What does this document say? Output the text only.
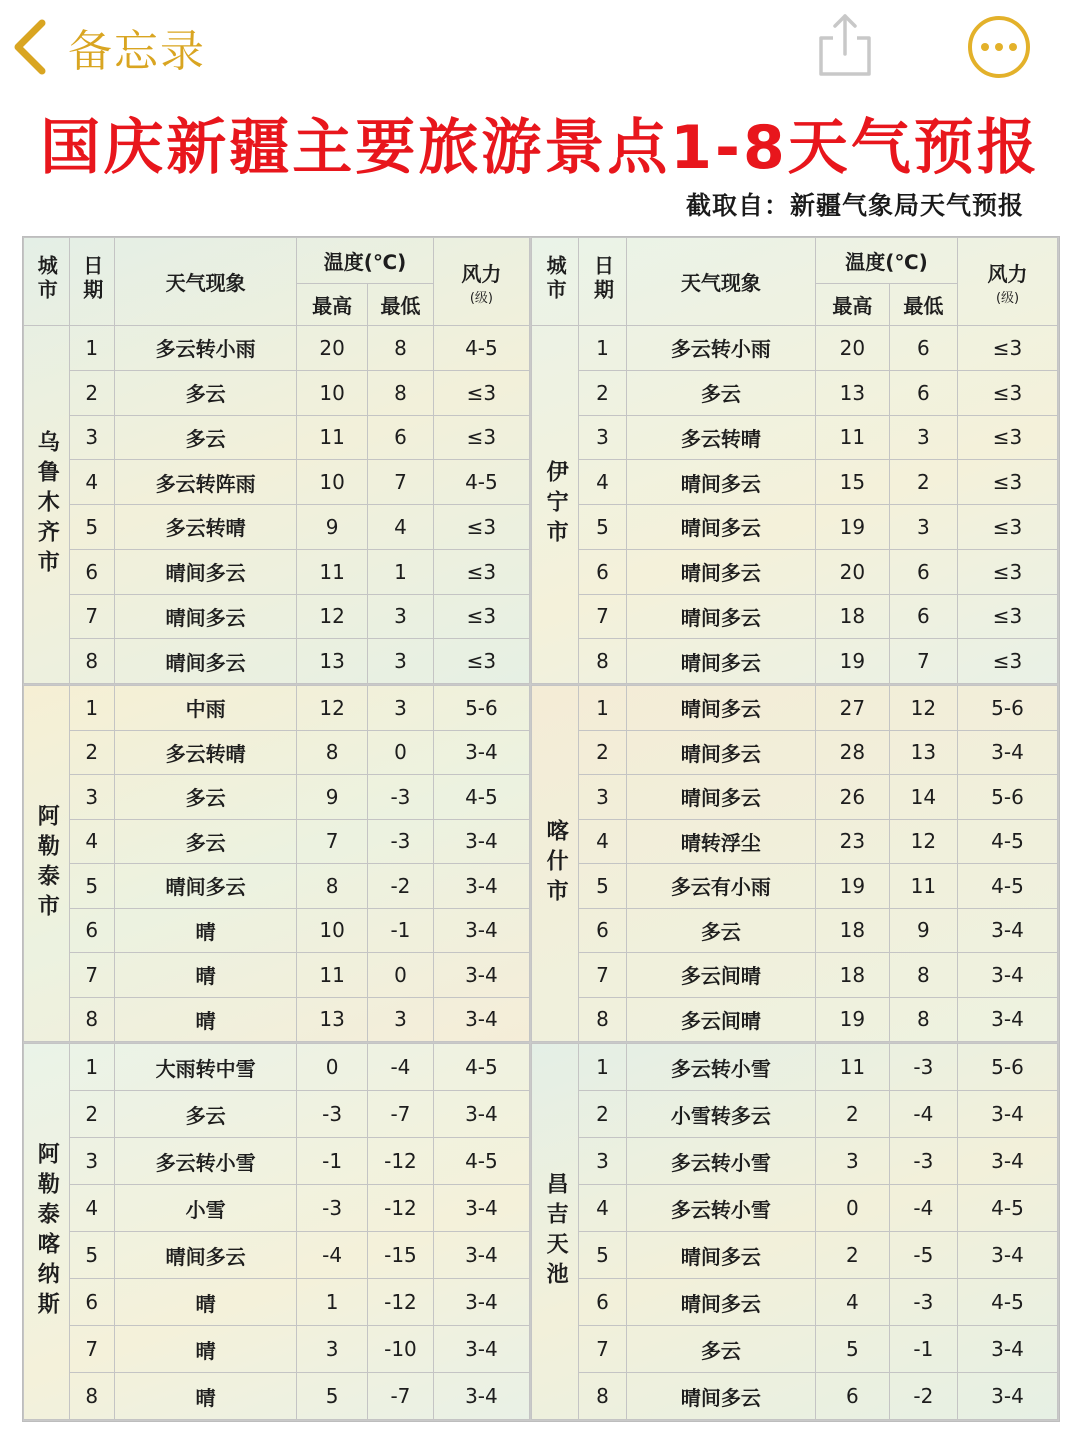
备忘录
国庆新疆主要旅游景点1-8天气预报
截取自：新疆气象局天气预报
城市	日期	天气现象	温度(℃)		风力
(级)

			最高	最低	
乌鲁木齐市	1	多云转小雨	20	8	4-5
	2	多云	10	8	≤3
	3	多云	11	6	≤3
	4	多云转阵雨	10	7	4-5
	5	多云转晴	9	4	≤3
	6	晴间多云	11	1	≤3
	7	晴间多云	12	3	≤3
	8	晴间多云	13	3	≤3
城市	日期	天气现象	温度(℃)		风力
(级)

			最高	最低	
伊宁市	1	多云转小雨	20	6	≤3
	2	多云	13	6	≤3
	3	多云转晴	11	3	≤3
	4	晴间多云	15	2	≤3
	5	晴间多云	19	3	≤3
	6	晴间多云	20	6	≤3
	7	晴间多云	18	6	≤3
	8	晴间多云	19	7	≤3
阿勒泰市	1	中雨	12	3	5-6
	2	多云转晴	8	0	3-4
	3	多云	9	-3	4-5
	4	多云	7	-3	3-4
	5	晴间多云	8	-2	3-4
	6	晴	10	-1	3-4
	7	晴	11	0	3-4
	8	晴	13	3	3-4
喀什市	1	晴间多云	27	12	5-6
	2	晴间多云	28	13	3-4
	3	晴间多云	26	14	5-6
	4	晴转浮尘	23	12	4-5
	5	多云有小雨	19	11	4-5
	6	多云	18	9	3-4
	7	多云间晴	18	8	3-4
	8	多云间晴	19	8	3-4
阿勒泰喀纳斯	1	大雨转中雪	0	-4	4-5
	2	多云	-3	-7	3-4
	3	多云转小雪	-1	-12	4-5
	4	小雪	-3	-12	3-4
	5	晴间多云	-4	-15	3-4
	6	晴	1	-12	3-4
	7	晴	3	-10	3-4
	8	晴	5	-7	3-4
昌吉天池	1	多云转小雪	11	-3	5-6
	2	小雪转多云	2	-4	3-4
	3	多云转小雪	3	-3	3-4
	4	多云转小雪	0	-4	4-5
	5	晴间多云	2	-5	3-4
	6	晴间多云	4	-3	4-5
	7	多云	5	-1	3-4
	8	晴间多云	6	-2	3-4
